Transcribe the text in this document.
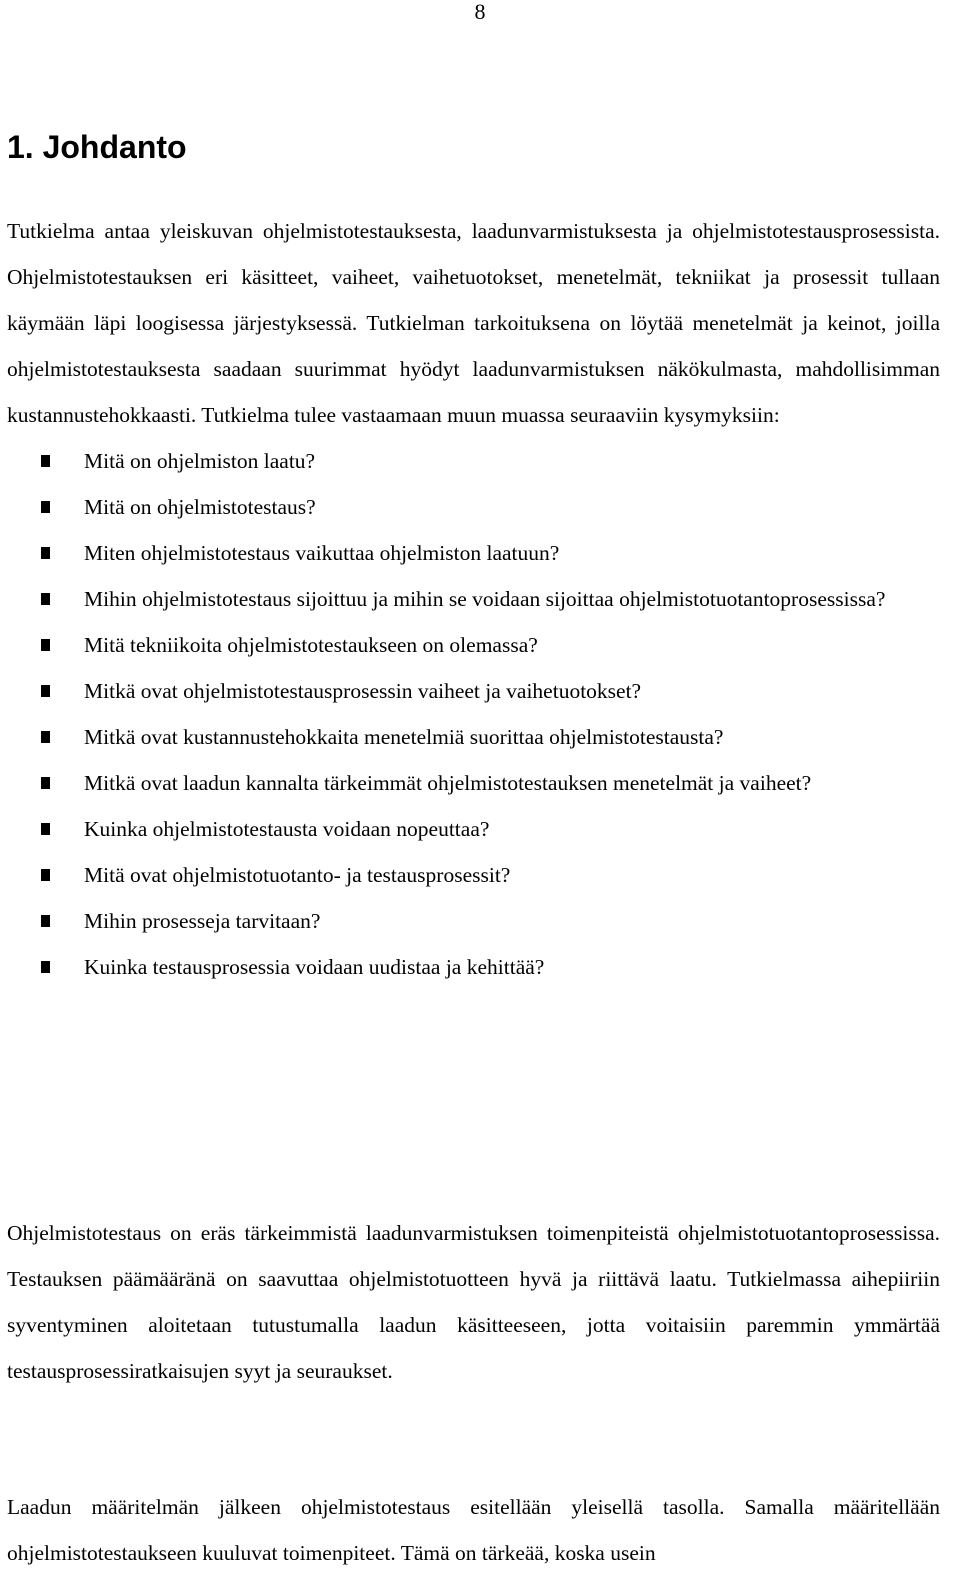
8
1. Johdanto

Tutkielma antaa yleiskuvan ohjelmistotestauksesta, laadunvarmistuksesta ja ohjelmistotestausprosessista. Ohjelmistotestauksen eri käsitteet, vaiheet, vaihetuotokset, menetelmät, tekniikat ja prosessit tullaan käymään läpi loogisessa järjestyksessä. Tutkielman tarkoituksena on löytää menetelmät ja keinot, joilla ohjelmistotestauksesta saadaan suurimmat hyödyt laadunvarmistuksen näkökulmasta, mahdollisimman kustannustehokkaasti. Tutkielma tulee vastaamaan muun muassa seuraaviin kysymyksiin:

Mitä on ohjelmiston laatu?
Mitä on ohjelmistotestaus?
Miten ohjelmistotestaus vaikuttaa ohjelmiston laatuun?
Mihin ohjelmistotestaus sijoittuu ja mihin se voidaan sijoittaa ohjelmistotuotantoprosessissa?
Mitä tekniikoita ohjelmistotestaukseen on olemassa?
Mitkä ovat ohjelmistotestausprosessin vaiheet ja vaihetuotokset?
Mitkä ovat kustannustehokkaita menetelmiä suorittaa ohjelmistotestausta?
Mitkä ovat laadun kannalta tärkeimmät ohjelmistotestauksen menetelmät ja vaiheet?
Kuinka ohjelmistotestausta voidaan nopeuttaa?
Mitä ovat ohjelmistotuotanto- ja testausprosessit?
Mihin prosesseja tarvitaan?
Kuinka testausprosessia voidaan uudistaa ja kehittää?

Ohjelmistotestaus on eräs tärkeimmistä laadunvarmistuksen toimenpiteistä ohjelmistotuotantoprosessissa. Testauksen päämääränä on saavuttaa ohjelmistotuotteen hyvä ja riittävä laatu. Tutkielmassa aihepiiriin syventyminen aloitetaan tutustumalla laadun käsitteeseen, jotta voitaisiin paremmin ymmärtää testausprosessiratkaisujen syyt ja seuraukset.

Laadun määritelmän jälkeen ohjelmistotestaus esitellään yleisellä tasolla. Samalla määritellään ohjelmistotestaukseen kuuluvat toimenpiteet. Tämä on tärkeää, koska usein
